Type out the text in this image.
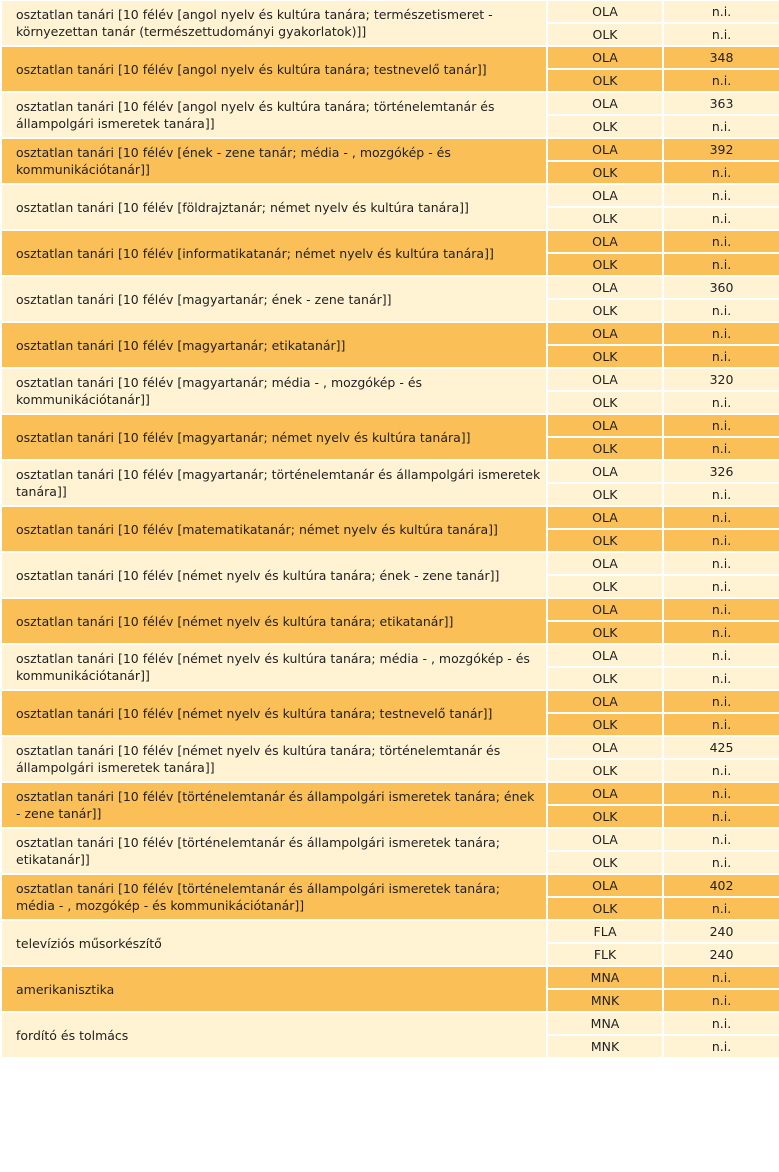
osztatlan tanári [10 félév [angol nyelv és kultúra tanára; természetismeret - környezettan tanár (természettudományi gyakorlatok)]]	OLA	n.i.
	OLK	n.i.
osztatlan tanári [10 félév [angol nyelv és kultúra tanára; testnevelő tanár]]	OLA	348
	OLK	n.i.
osztatlan tanári [10 félév [angol nyelv és kultúra tanára; történelemtanár és állampolgári ismeretek tanára]]	OLA	363
	OLK	n.i.
osztatlan tanári [10 félév [ének - zene tanár; média - , mozgókép - és kommunikációtanár]]	OLA	392
	OLK	n.i.
osztatlan tanári [10 félév [földrajztanár; német nyelv és kultúra tanára]]	OLA	n.i.
	OLK	n.i.
osztatlan tanári [10 félév [informatikatanár; német nyelv és kultúra tanára]]	OLA	n.i.
	OLK	n.i.
osztatlan tanári [10 félév [magyartanár; ének - zene tanár]]	OLA	360
	OLK	n.i.
osztatlan tanári [10 félév [magyartanár; etikatanár]]	OLA	n.i.
	OLK	n.i.
osztatlan tanári [10 félév [magyartanár; média - , mozgókép - és kommunikációtanár]]	OLA	320
	OLK	n.i.
osztatlan tanári [10 félév [magyartanár; német nyelv és kultúra tanára]]	OLA	n.i.
	OLK	n.i.
osztatlan tanári [10 félév [magyartanár; történelemtanár és állampolgári ismeretek tanára]]	OLA	326
	OLK	n.i.
osztatlan tanári [10 félév [matematikatanár; német nyelv és kultúra tanára]]	OLA	n.i.
	OLK	n.i.
osztatlan tanári [10 félév [német nyelv és kultúra tanára; ének - zene tanár]]	OLA	n.i.
	OLK	n.i.
osztatlan tanári [10 félév [német nyelv és kultúra tanára; etikatanár]]	OLA	n.i.
	OLK	n.i.
osztatlan tanári [10 félév [német nyelv és kultúra tanára; média - , mozgókép - és kommunikációtanár]]	OLA	n.i.
	OLK	n.i.
osztatlan tanári [10 félév [német nyelv és kultúra tanára; testnevelő tanár]]	OLA	n.i.
	OLK	n.i.
osztatlan tanári [10 félév [német nyelv és kultúra tanára; történelemtanár és állampolgári ismeretek tanára]]	OLA	425
	OLK	n.i.
osztatlan tanári [10 félév [történelemtanár és állampolgári ismeretek tanára; ének - zene tanár]]	OLA	n.i.
	OLK	n.i.
osztatlan tanári [10 félév [történelemtanár és állampolgári ismeretek tanára; etikatanár]]	OLA	n.i.
	OLK	n.i.
osztatlan tanári [10 félév [történelemtanár és állampolgári ismeretek tanára; média - , mozgókép - és kommunikációtanár]]	OLA	402
	OLK	n.i.
televíziós műsorkészítő	FLA	240
	FLK	240
amerikanisztika	MNA	n.i.
	MNK	n.i.
fordító és tolmács	MNA	n.i.
	MNK	n.i.
